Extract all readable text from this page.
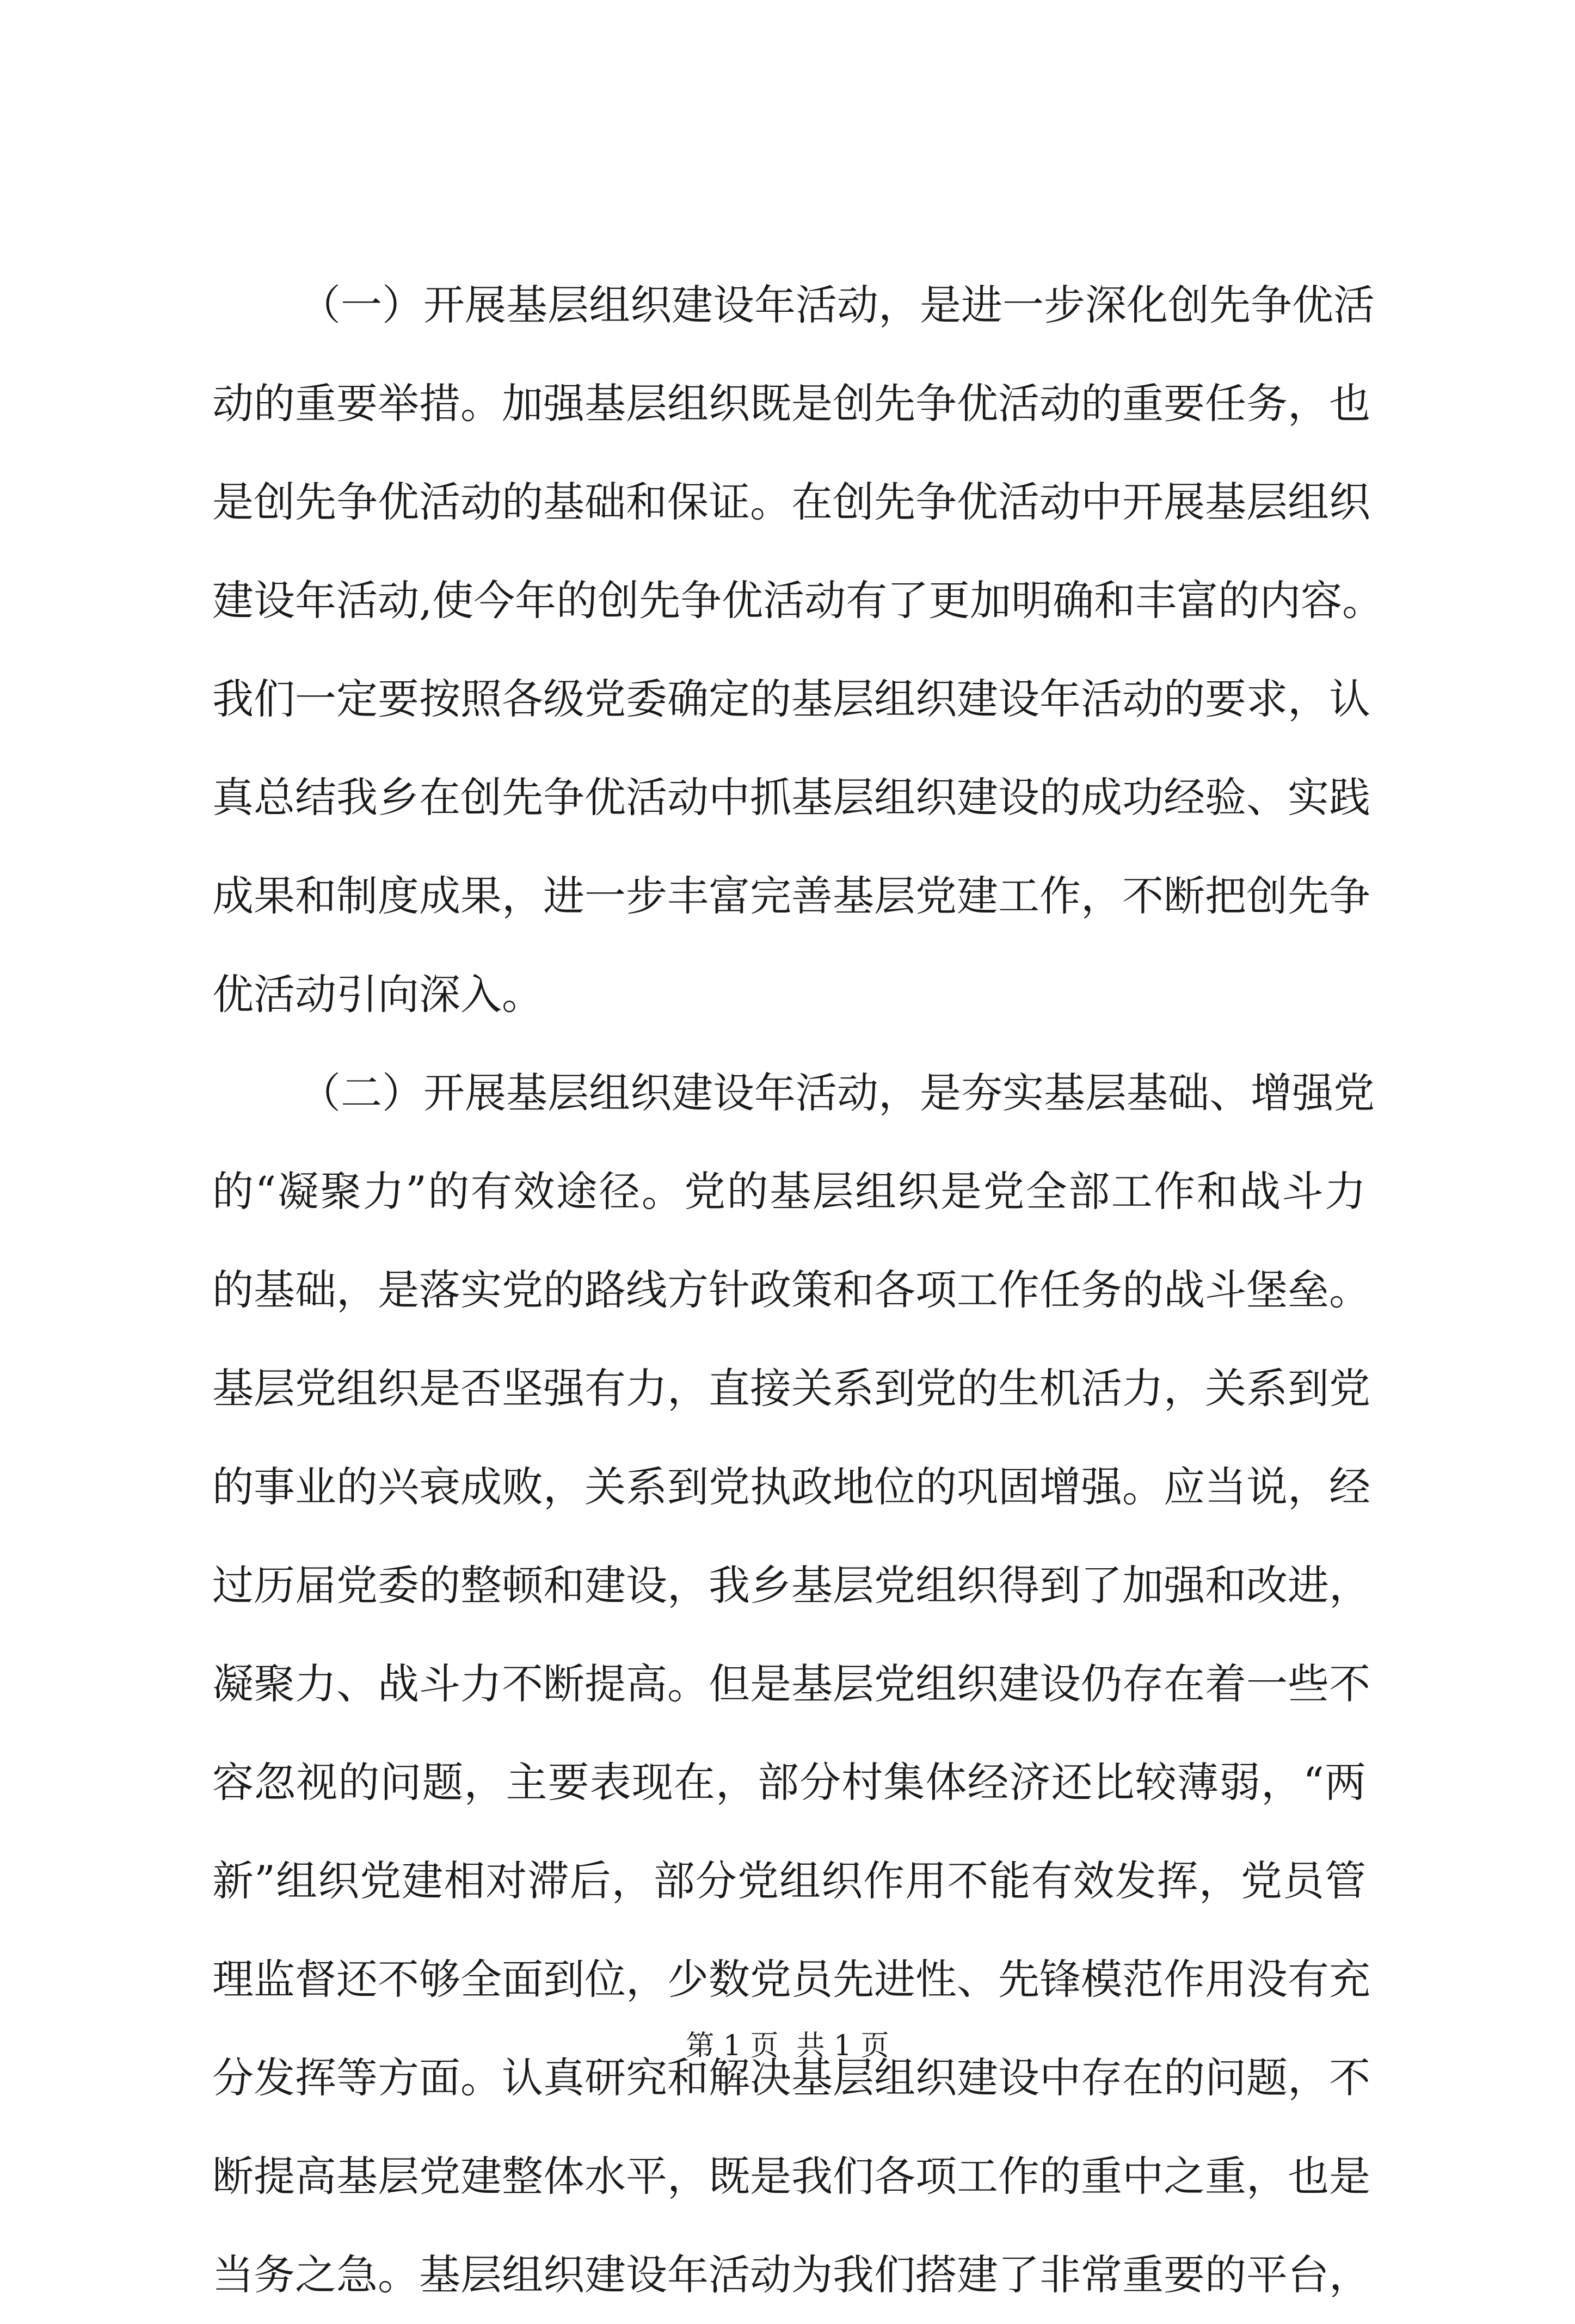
（一）开展基层组织建设年活动，是进一步深化创先争优活
动的重要举措。加强基层组织既是创先争优活动的重要任务，也
是创先争优活动的基础和保证。在创先争优活动中开展基层组织
建设年活动,使今年的创先争优活动有了更加明确和丰富的内容。
我们一定要按照各级党委确定的基层组织建设年活动的要求，认
真总结我乡在创先争优活动中抓基层组织建设的成功经验、实践
成果和制度成果，进一步丰富完善基层党建工作，不断把创先争
优活动引向深入。
（二）开展基层组织建设年活动，是夯实基层基础、增强党
的“凝聚力”的有效途径。党的基层组织是党全部工作和战斗力
的基础，是落实党的路线方针政策和各项工作任务的战斗堡垒。
基层党组织是否坚强有力，直接关系到党的生机活力，关系到党
的事业的兴衰成败，关系到党执政地位的巩固增强。应当说，经
过历届党委的整顿和建设，我乡基层党组织得到了加强和改进，
凝聚力、战斗力不断提高。但是基层党组织建设仍存在着一些不
容忽视的问题，主要表现在，部分村集体经济还比较薄弱，“两
新”组织党建相对滞后，部分党组织作用不能有效发挥，党员管
理监督还不够全面到位，少数党员先进性、先锋模范作用没有充
分发挥等方面。认真研究和解决基层组织建设中存在的问题，不
断提高基层党建整体水平，既是我们各项工作的重中之重，也是
当务之急。基层组织建设年活动为我们搭建了非常重要的平台，
第 1 页  共 1 页
